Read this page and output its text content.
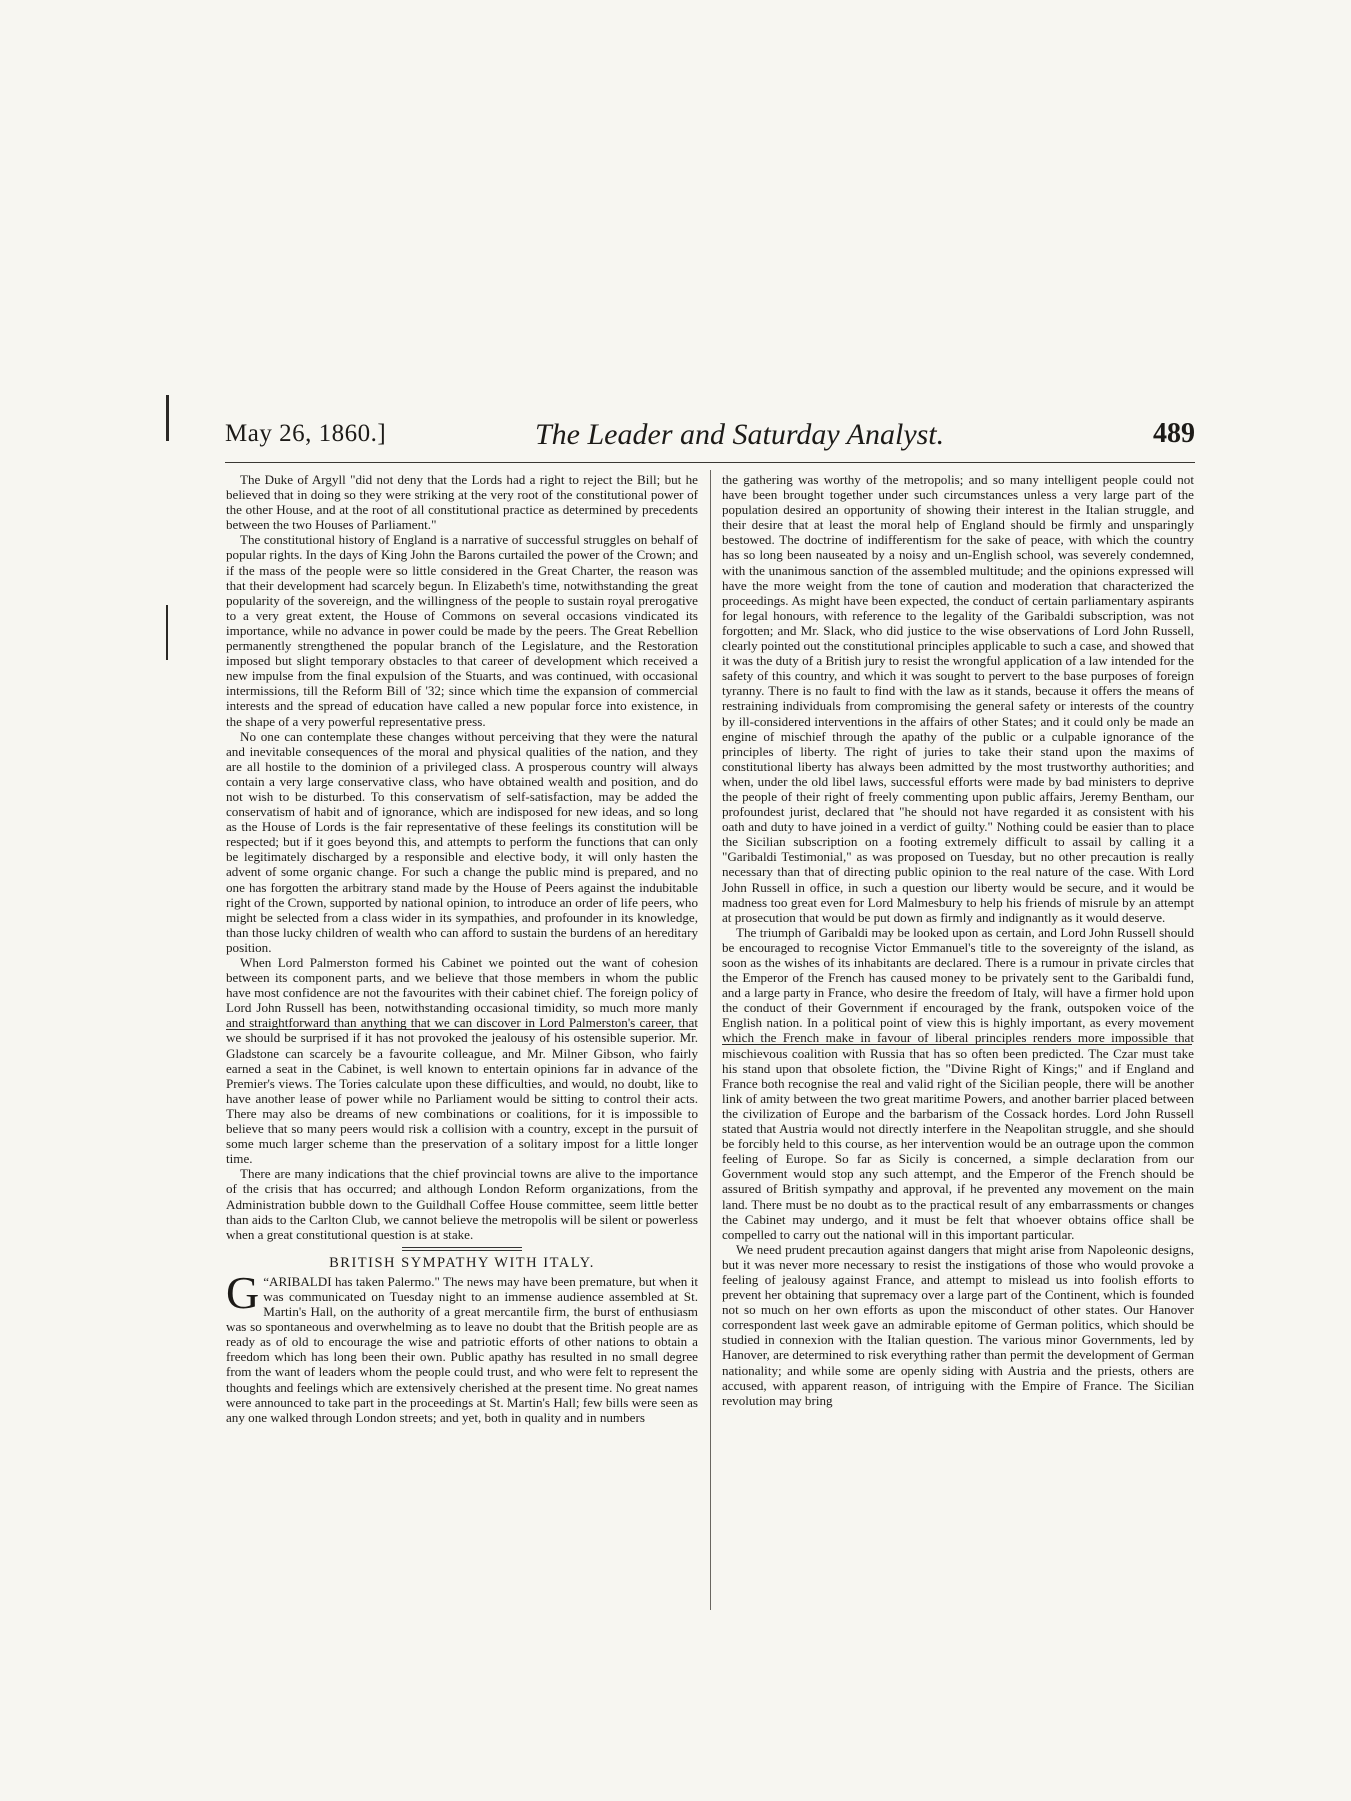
May 26, 1860.]	The Leader and Saturday Analyst.	489

The Duke of Argyll "did not deny that the Lords had a right to reject the Bill; but he believed that in doing so they were striking at the very root of the constitutional power of the other House, and at the root of all constitutional practice as determined by precedents between the two Houses of Parliament."

The constitutional history of England is a narrative of successful struggles on behalf of popular rights. In the days of King John the Barons curtailed the power of the Crown; and if the mass of the people were so little considered in the Great Charter, the reason was that their development had scarcely begun. In Elizabeth's time, notwithstanding the great popularity of the sovereign, and the willingness of the people to sustain royal prerogative to a very great extent, the House of Commons on several occasions vindicated its importance, while no advance in power could be made by the peers. The Great Rebellion permanently strengthened the popular branch of the Legislature, and the Restoration imposed but slight temporary obstacles to that career of development which received a new impulse from the final expulsion of the Stuarts, and was continued, with occasional intermissions, till the Reform Bill of '32; since which time the expansion of commercial interests and the spread of education have called a new popular force into existence, in the shape of a very powerful representative press.

No one can contemplate these changes without perceiving that they were the natural and inevitable consequences of the moral and physical qualities of the nation, and they are all hostile to the dominion of a privileged class. A prosperous country will always contain a very large conservative class, who have obtained wealth and position, and do not wish to be disturbed. To this conservatism of self-satisfaction, may be added the conservatism of habit and of ignorance, which are indisposed for new ideas, and so long as the House of Lords is the fair representative of these feelings its constitution will be respected; but if it goes beyond this, and attempts to perform the functions that can only be legitimately discharged by a responsible and elective body, it will only hasten the advent of some organic change. For such a change the public mind is prepared, and no one has forgotten the arbitrary stand made by the House of Peers against the indubitable right of the Crown, supported by national opinion, to introduce an order of life peers, who might be selected from a class wider in its sympathies, and profounder in its knowledge, than those lucky children of wealth who can afford to sustain the burdens of an hereditary position.

When Lord Palmerston formed his Cabinet we pointed out the want of cohesion between its component parts, and we believe that those members in whom the public have most confidence are not the favourites with their cabinet chief. The foreign policy of Lord John Russell has been, notwithstanding occasional timidity, so much more manly and straightforward than anything that we can discover in Lord Palmerston's career, that we should be surprised if it has not provoked the jealousy of his ostensible superior. Mr. Gladstone can scarcely be a favourite colleague, and Mr. Milner Gibson, who fairly earned a seat in the Cabinet, is well known to entertain opinions far in advance of the Premier's views. The Tories calculate upon these difficulties, and would, no doubt, like to have another lease of power while no Parliament would be sitting to control their acts. There may also be dreams of new combinations or coalitions, for it is impossible to believe that so many peers would risk a collision with a country, except in the pursuit of some much larger scheme than the preservation of a solitary impost for a little longer time.

There are many indications that the chief provincial towns are alive to the importance of the crisis that has occurred; and although London Reform organizations, from the Administration bubble down to the Guildhall Coffee House committee, seem little better than aids to the Carlton Club, we cannot believe the metropolis will be silent or powerless when a great constitutional question is at stake.

BRITISH SYMPATHY WITH ITALY.

“
G ARIBALDI has taken Palermo." The news may have been premature, but when it was communicated on Tuesday night to an immense audience assembled at St. Martin's Hall, on the authority of a great mercantile firm, the burst of enthusiasm was so spontaneous and overwhelming as to leave no doubt that the British people are as ready as of old to encourage the wise and patriotic efforts of other nations to obtain a freedom which has long been their own. Public apathy has resulted in no small degree from the want of leaders whom the people could trust, and who were felt to represent the thoughts and feelings which are extensively cherished at the present time. No great names were announced to take part in the proceedings at St. Martin's Hall; few bills were seen as any one walked through London streets; and yet, both in quality and in numbers

the gathering was worthy of the metropolis; and so many intelligent people could not have been brought together under such circumstances unless a very large part of the population desired an opportunity of showing their interest in the Italian struggle, and their desire that at least the moral help of England should be firmly and unsparingly bestowed. The doctrine of indifferentism for the sake of peace, with which the country has so long been nauseated by a noisy and un-English school, was severely condemned, with the unanimous sanction of the assembled multitude; and the opinions expressed will have the more weight from the tone of caution and moderation that characterized the proceedings. As might have been expected, the conduct of certain parliamentary aspirants for legal honours, with reference to the legality of the Garibaldi subscription, was not forgotten; and Mr. Slack, who did justice to the wise observations of Lord John Russell, clearly pointed out the constitutional principles applicable to such a case, and showed that it was the duty of a British jury to resist the wrongful application of a law intended for the safety of this country, and which it was sought to pervert to the base purposes of foreign tyranny. There is no fault to find with the law as it stands, because it offers the means of restraining individuals from compromising the general safety or interests of the country by ill-considered interventions in the affairs of other States; and it could only be made an engine of mischief through the apathy of the public or a culpable ignorance of the principles of liberty. The right of juries to take their stand upon the maxims of constitutional liberty has always been admitted by the most trustworthy authorities; and when, under the old libel laws, successful efforts were made by bad ministers to deprive the people of their right of freely commenting upon public affairs, Jeremy Bentham, our profoundest jurist, declared that "he should not have regarded it as consistent with his oath and duty to have joined in a verdict of guilty." Nothing could be easier than to place the Sicilian subscription on a footing extremely difficult to assail by calling it a "Garibaldi Testimonial," as was proposed on Tuesday, but no other precaution is really necessary than that of directing public opinion to the real nature of the case. With Lord John Russell in office, in such a question our liberty would be secure, and it would be madness too great even for Lord Malmesbury to help his friends of misrule by an attempt at prosecution that would be put down as firmly and indignantly as it would deserve.

The triumph of Garibaldi may be looked upon as certain, and Lord John Russell should be encouraged to recognise Victor Emmanuel's title to the sovereignty of the island, as soon as the wishes of its inhabitants are declared. There is a rumour in private circles that the Emperor of the French has caused money to be privately sent to the Garibaldi fund, and a large party in France, who desire the freedom of Italy, will have a firmer hold upon the conduct of their Government if encouraged by the frank, outspoken voice of the English nation. In a political point of view this is highly important, as every movement which the French make in favour of liberal principles renders more impossible that mischievous coalition with Russia that has so often been predicted. The Czar must take his stand upon that obsolete fiction, the "Divine Right of Kings;" and if England and France both recognise the real and valid right of the Sicilian people, there will be another link of amity between the two great maritime Powers, and another barrier placed between the civilization of Europe and the barbarism of the Cossack hordes. Lord John Russell stated that Austria would not directly interfere in the Neapolitan struggle, and she should be forcibly held to this course, as her intervention would be an outrage upon the common feeling of Europe. So far as Sicily is concerned, a simple declaration from our Government would stop any such attempt, and the Emperor of the French should be assured of British sympathy and approval, if he prevented any movement on the main land. There must be no doubt as to the practical result of any embarrassments or changes the Cabinet may undergo, and it must be felt that whoever obtains office shall be compelled to carry out the national will in this important particular.

We need prudent precaution against dangers that might arise from Napoleonic designs, but it was never more necessary to resist the instigations of those who would provoke a feeling of jealousy against France, and attempt to mislead us into foolish efforts to prevent her obtaining that supremacy over a large part of the Continent, which is founded not so much on her own efforts as upon the misconduct of other states. Our Hanover correspondent last week gave an admirable epitome of German politics, which should be studied in connexion with the Italian question. The various minor Governments, led by Hanover, are determined to risk everything rather than permit the development of German nationality; and while some are openly siding with Austria and the priests, others are accused, with apparent reason, of intriguing with the Empire of France. The Sicilian revolution may bring
